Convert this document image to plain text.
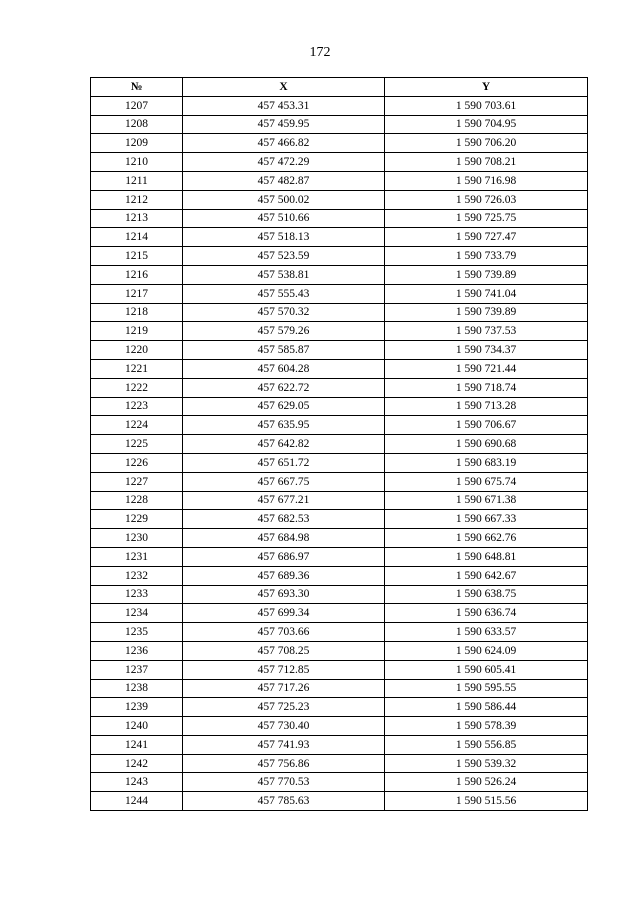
172
№	X	Y
1207	457 453.31	1 590 703.61
1208	457 459.95	1 590 704.95
1209	457 466.82	1 590 706.20
1210	457 472.29	1 590 708.21
1211	457 482.87	1 590 716.98
1212	457 500.02	1 590 726.03
1213	457 510.66	1 590 725.75
1214	457 518.13	1 590 727.47
1215	457 523.59	1 590 733.79
1216	457 538.81	1 590 739.89
1217	457 555.43	1 590 741.04
1218	457 570.32	1 590 739.89
1219	457 579.26	1 590 737.53
1220	457 585.87	1 590 734.37
1221	457 604.28	1 590 721.44
1222	457 622.72	1 590 718.74
1223	457 629.05	1 590 713.28
1224	457 635.95	1 590 706.67
1225	457 642.82	1 590 690.68
1226	457 651.72	1 590 683.19
1227	457 667.75	1 590 675.74
1228	457 677.21	1 590 671.38
1229	457 682.53	1 590 667.33
1230	457 684.98	1 590 662.76
1231	457 686.97	1 590 648.81
1232	457 689.36	1 590 642.67
1233	457 693.30	1 590 638.75
1234	457 699.34	1 590 636.74
1235	457 703.66	1 590 633.57
1236	457 708.25	1 590 624.09
1237	457 712.85	1 590 605.41
1238	457 717.26	1 590 595.55
1239	457 725.23	1 590 586.44
1240	457 730.40	1 590 578.39
1241	457 741.93	1 590 556.85
1242	457 756.86	1 590 539.32
1243	457 770.53	1 590 526.24
1244	457 785.63	1 590 515.56
